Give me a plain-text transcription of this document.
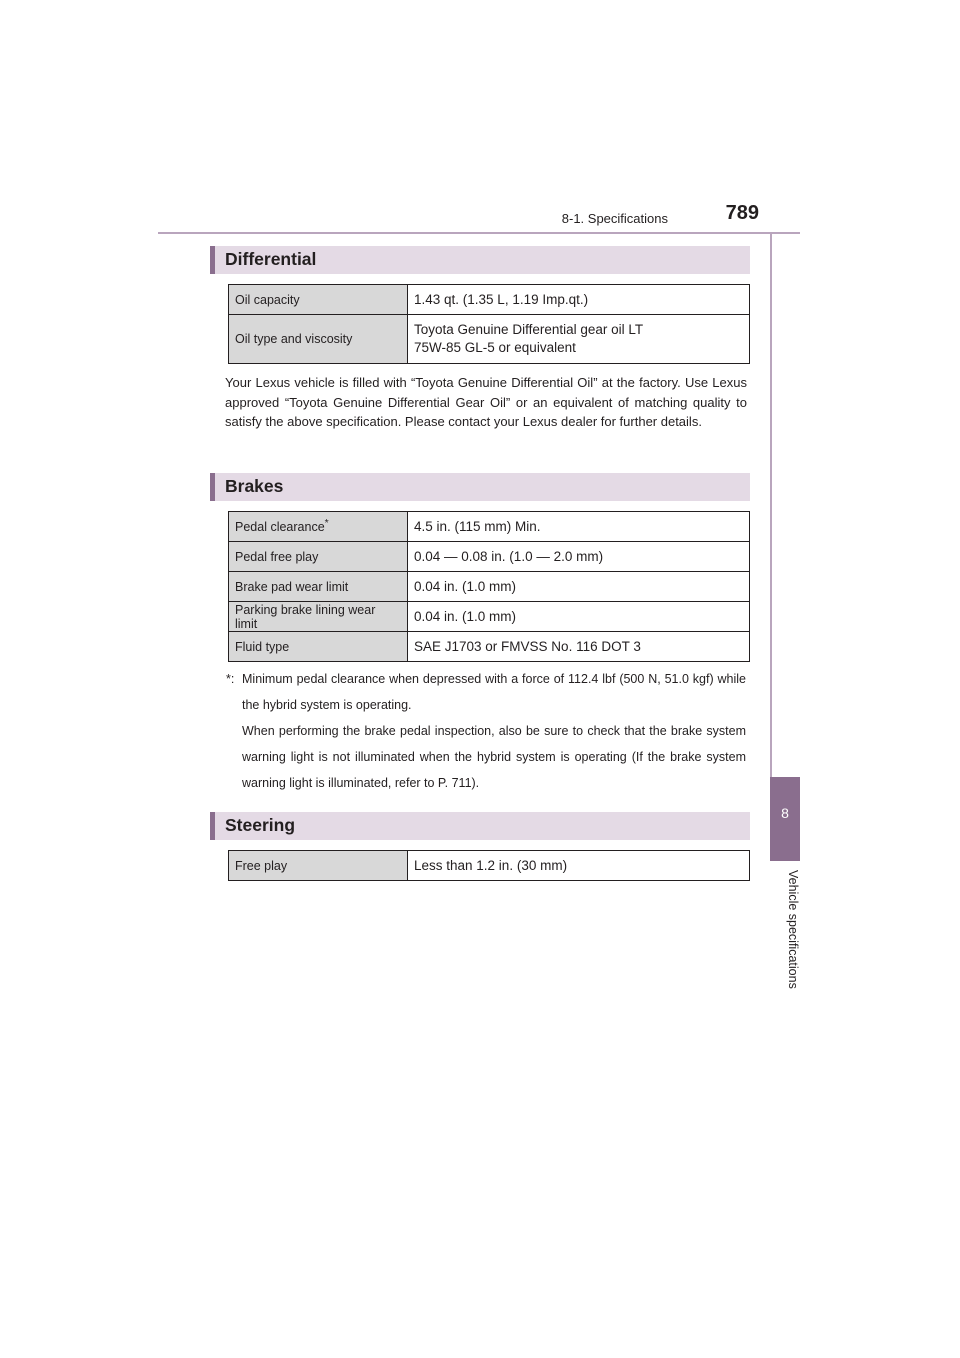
8-1. Specifications	789
8
Vehicle specifications
Differential
Oil capacity	1.43 qt. (1.35 L, 1.19 Imp.qt.)
Oil type and viscosity	Toyota Genuine Differential gear oil LT
75W-85 GL-5 or equivalent
Your Lexus vehicle is filled with “Toyota Genuine Differential Oil” at the factory. Use Lexus approved “Toyota Genuine Differential Gear Oil” or an equivalent of matching quality to satisfy the above specification. Please contact your Lexus dealer for further details.
Brakes
Pedal clearance*	4.5 in. (115 mm) Min.
Pedal free play	0.04 — 0.08 in. (1.0 — 2.0 mm)
Brake pad wear limit	0.04 in. (1.0 mm)
Parking brake lining wear limit	0.04 in. (1.0 mm)
Fluid type	SAE J1703 or FMVSS No. 116 DOT 3
*: Minimum pedal clearance when depressed with a force of 112.4 lbf (500 N, 51.0 kgf) while the hybrid system is operating.

When performing the brake pedal inspection, also be sure to check that the brake system warning light is not illuminated when the hybrid system is operating (If the brake system warning light is illuminated, refer to P. 711).

Steering
Free play	Less than 1.2 in. (30 mm)
